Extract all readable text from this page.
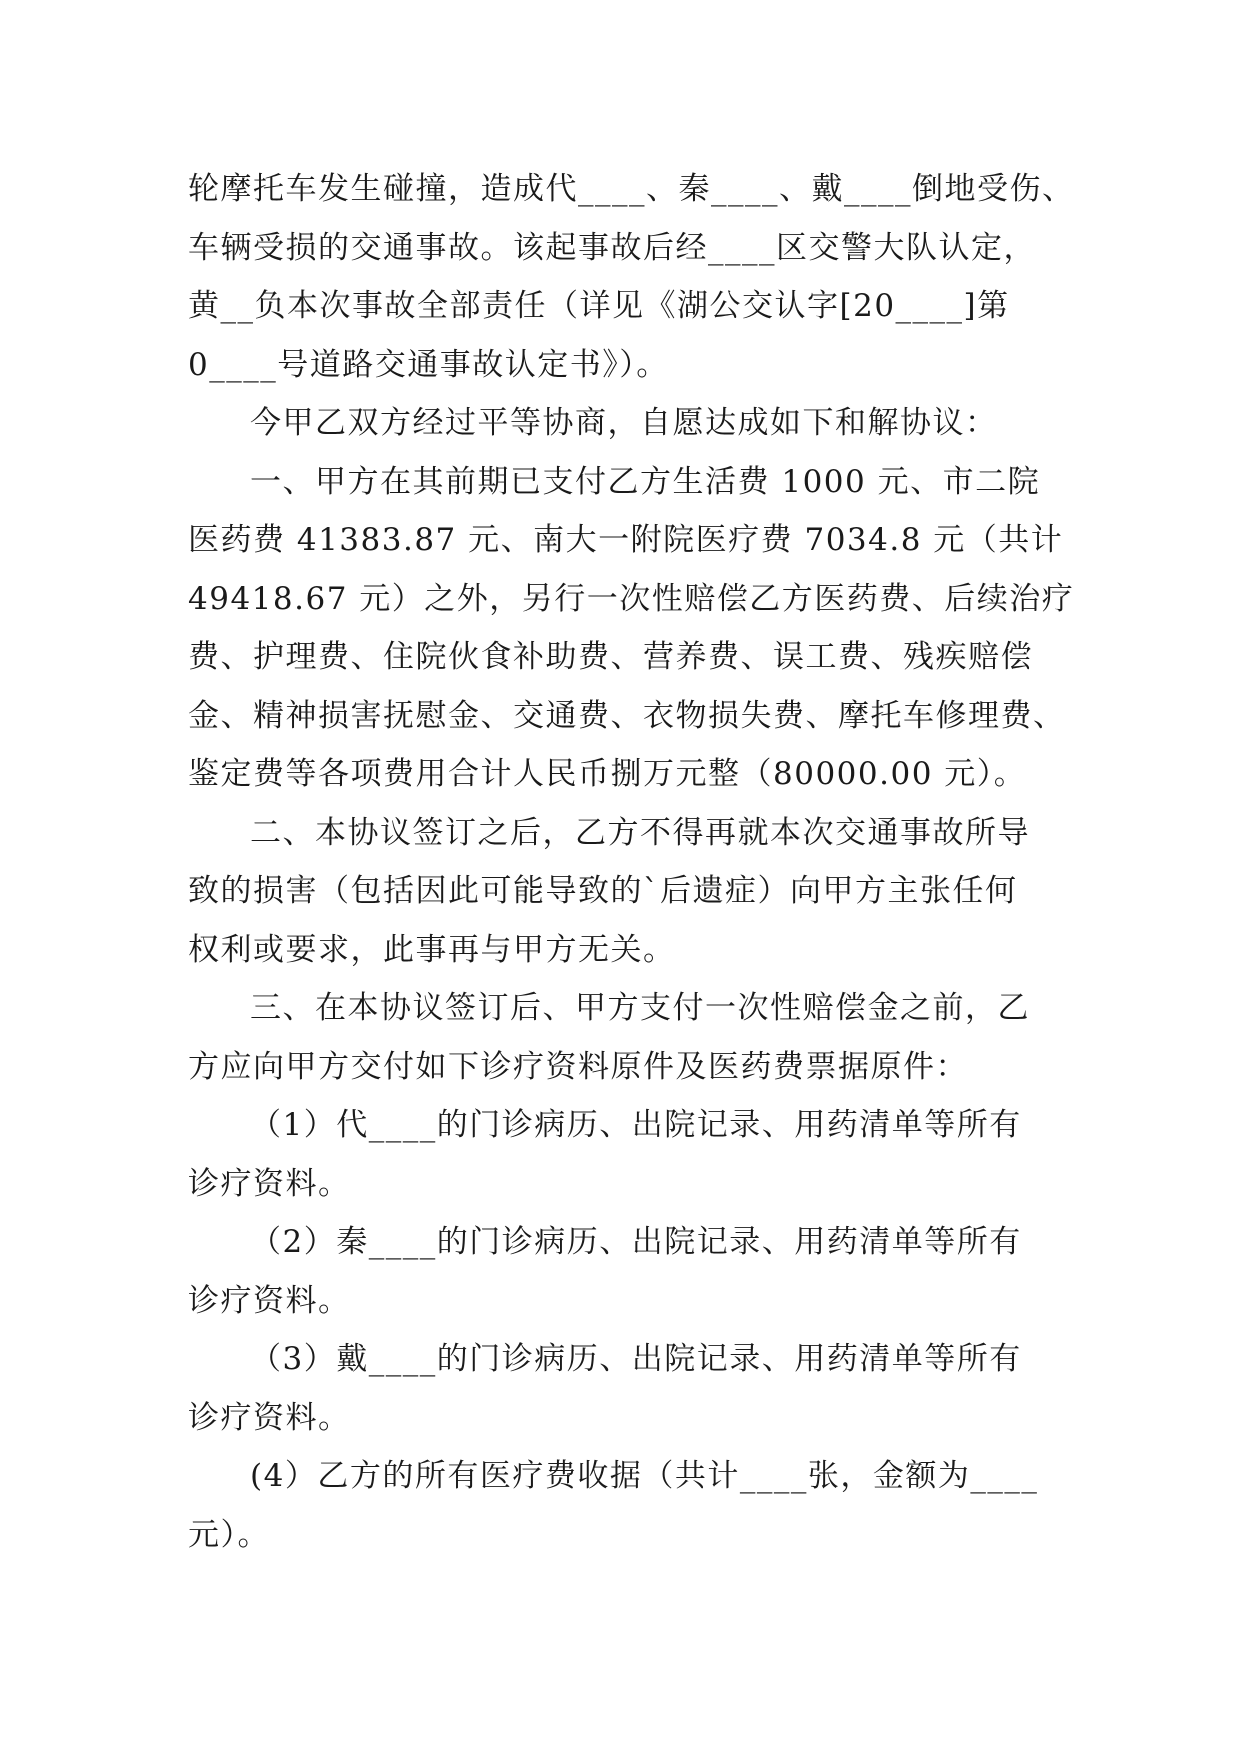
轮摩托车发生碰撞，造成代____、秦____、戴____倒地受伤、
车辆受损的交通事故。该起事故后经____区交警大队认定，
黄__负本次事故全部责任（详见《湖公交认字[20____]第
0____号道路交通事故认定书》）。

今甲乙双方经过平等协商，自愿达成如下和解协议：

一、甲方在其前期已支付乙方生活费 1000 元、市二院
医药费 41383.87 元、南大一附院医疗费 7034.8 元（共计
49418.67 元）之外，另行一次性赔偿乙方医药费、后续治疗
费、护理费、住院伙食补助费、营养费、误工费、残疾赔偿
金、精神损害抚慰金、交通费、衣物损失费、摩托车修理费、
鉴定费等各项费用合计人民币捌万元整（80000.00 元）。

二、本协议签订之后，乙方不得再就本次交通事故所导
致的损害（包括因此可能导致的`后遗症）向甲方主张任何
权利或要求，此事再与甲方无关。

三、在本协议签订后、甲方支付一次性赔偿金之前，乙
方应向甲方交付如下诊疗资料原件及医药费票据原件：

（1）代____的门诊病历、出院记录、用药清单等所有
诊疗资料。

（2）秦____的门诊病历、出院记录、用药清单等所有
诊疗资料。

（3）戴____的门诊病历、出院记录、用药清单等所有
诊疗资料。

(4）乙方的所有医疗费收据（共计____张，金额为____
元）。
